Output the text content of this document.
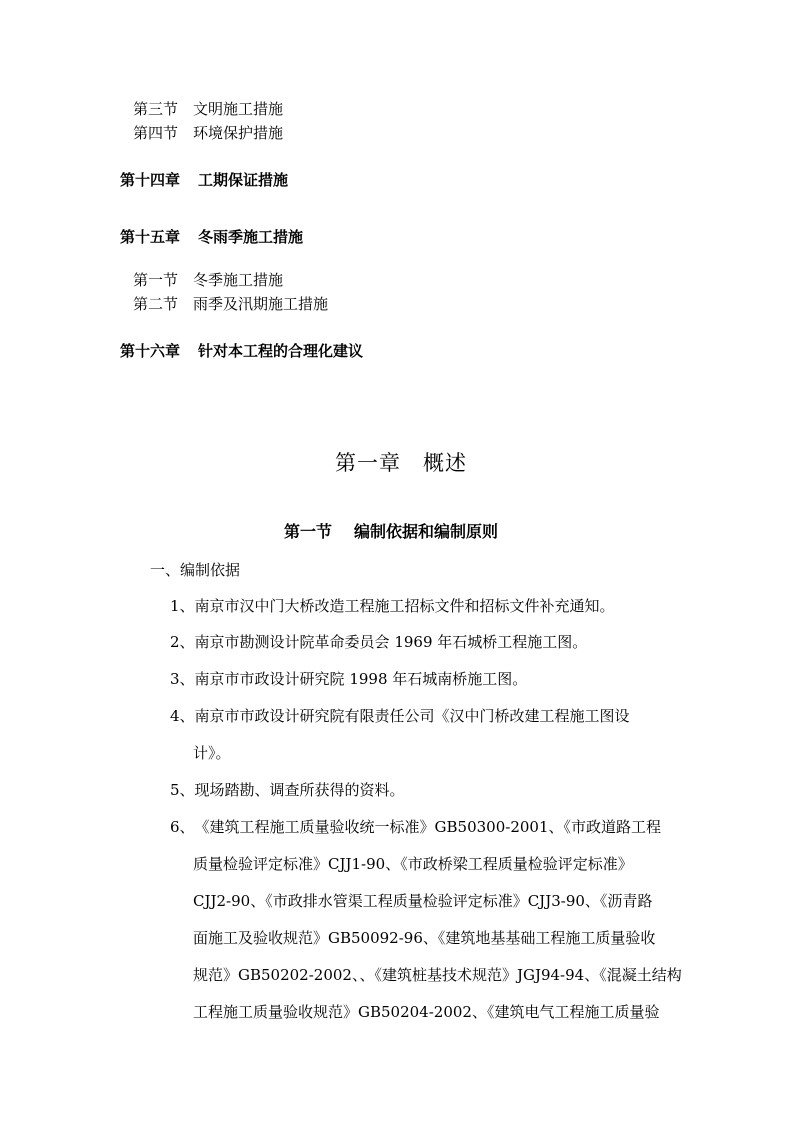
第三节 文明施工措施
第四节 环境保护措施
第十四章 工期保证措施
第十五章 冬雨季施工措施
第一节 冬季施工措施
第二节 雨季及汛期施工措施
第十六章 针对本工程的合理化建议
第一章 概述
第一节 编制依据和编制原则
一、编制依据
1、南京市汉中门大桥改造工程施工招标文件和招标文件补充通知。
2、南京市勘测设计院革命委员会 1969 年石城桥工程施工图。
3、南京市市政设计研究院 1998 年石城南桥施工图。
4、南京市市政设计研究院有限责任公司《汉中门桥改建工程施工图设
计》。
5、现场踏勘、调查所获得的资料。
6、《建筑工程施工质量验收统一标准》GB50300-2001、《市政道路工程
质量检验评定标准》CJJ1-90、《市政桥梁工程质量检验评定标准》
CJJ2-90、《市政排水管渠工程质量检验评定标准》CJJ3-90、《沥青路
面施工及验收规范》GB50092-96、《建筑地基基础工程施工质量验收
规范》GB50202-2002、、《建筑桩基技术规范》JGJ94-94、《混凝土结构
工程施工质量验收规范》GB50204-2002、《建筑电气工程施工质量验
